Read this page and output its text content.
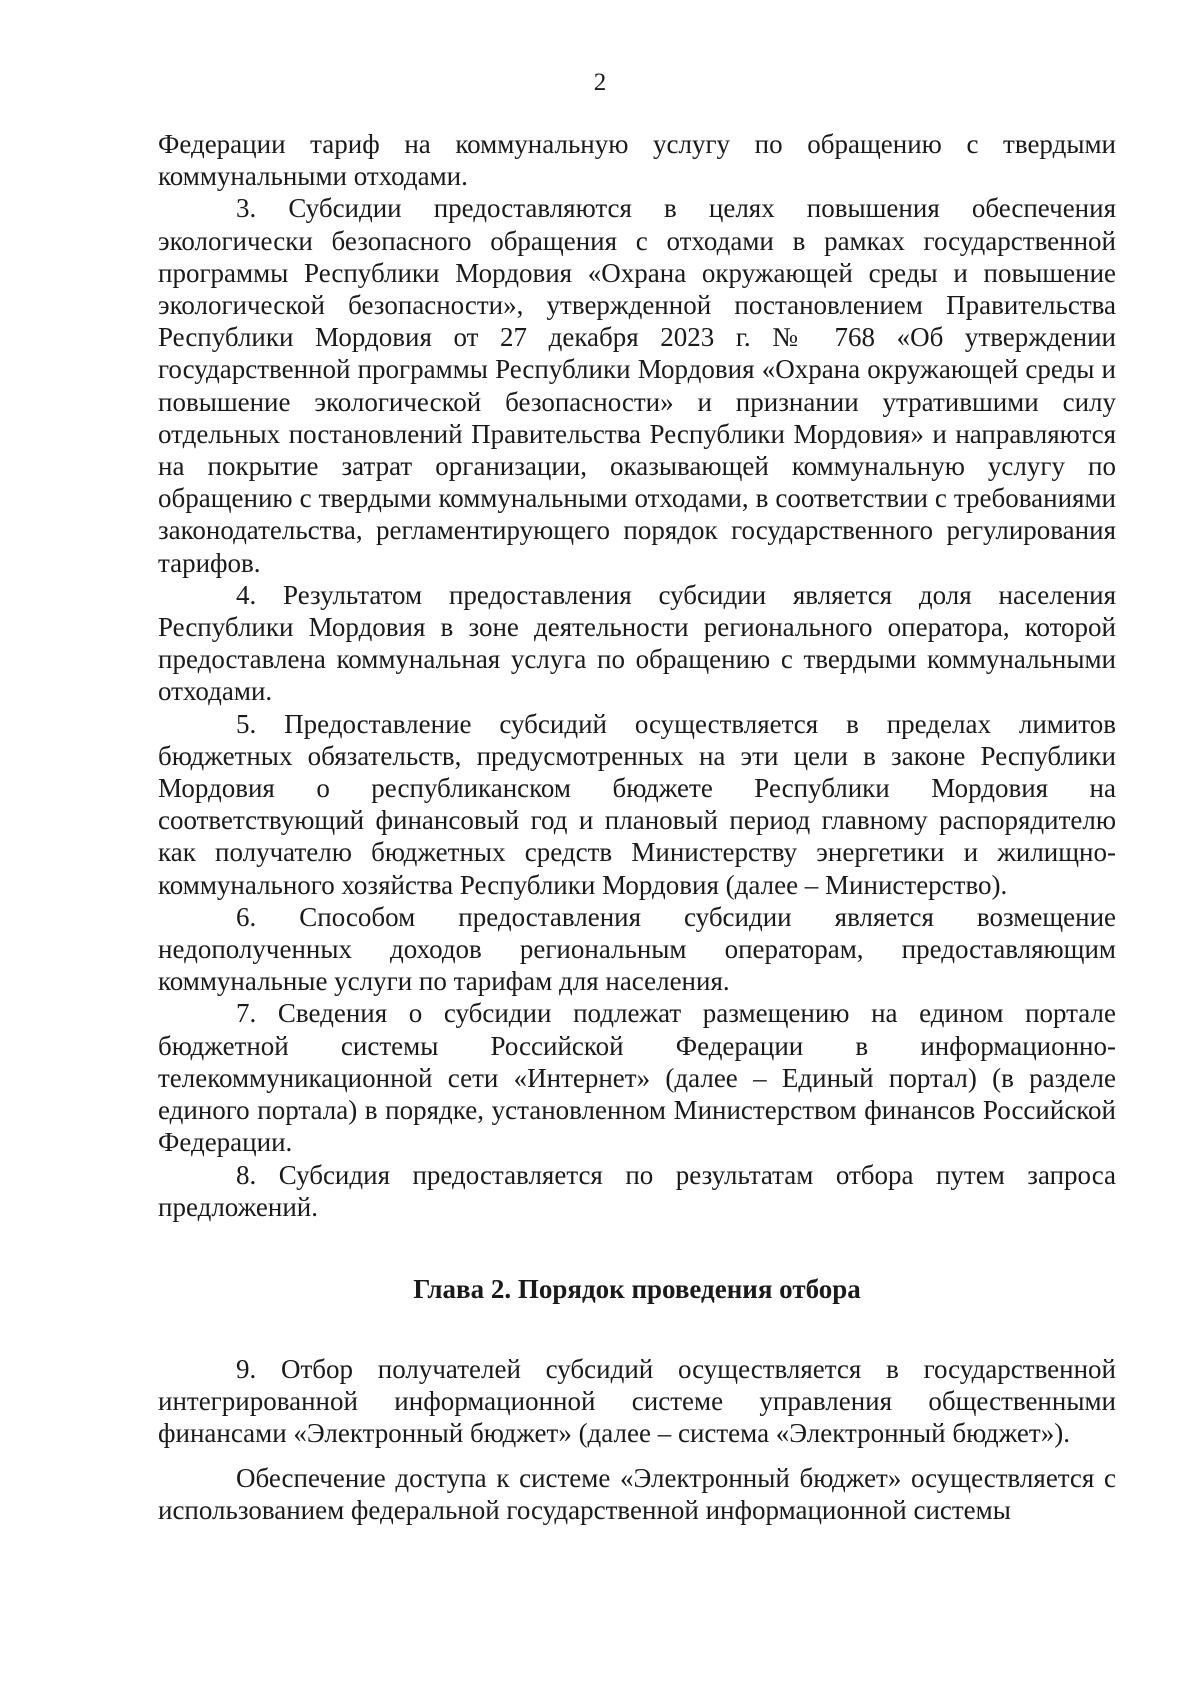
2

Федерации тариф на коммунальную услугу по обращению с твердыми коммунальными отходами.

3. Субсидии предоставляются в целях повышения обеспечения экологически безопасного обращения с отходами в рамках государственной программы Республики Мордовия «Охрана окружающей среды и повышение экологической безопасности», утвержденной постановлением Правительства Республики Мордовия от 27 декабря 2023 г. № 768 «Об утверждении государственной программы Республики Мордовия «Охрана окружающей среды и повышение экологической безопасности» и признании утратившими силу отдельных постановлений Правительства Республики Мордовия» и направляются на покрытие затрат организации, оказывающей коммунальную услугу по обращению с твердыми коммунальными отходами, в соответствии с требованиями законодательства, регламентирующего порядок государственного регулирования тарифов.

4. Результатом предоставления субсидии является доля населения Республики Мордовия в зоне деятельности регионального оператора, которой предоставлена коммунальная услуга по обращению с твердыми коммунальными отходами.

5. Предоставление субсидий осуществляется в пределах лимитов бюджетных обязательств, предусмотренных на эти цели в законе Республики Мордовия о республиканском бюджете Республики Мордовия на соответствующий финансовый год и плановый период главному распорядителю как получателю бюджетных средств Министерству энергетики и жилищно-коммунального хозяйства Республики Мордовия (далее – Министерство).

6. Способом предоставления субсидии является возмещение недополученных доходов региональным операторам, предоставляющим коммунальные услуги по тарифам для населения.

7. Сведения о субсидии подлежат размещению на едином портале бюджетной системы Российской Федерации в информационно-телекоммуникационной сети «Интернет» (далее – Единый портал) (в разделе единого портала) в порядке, установленном Министерством финансов Российской Федерации.

8. Субсидия предоставляется по результатам отбора путем запроса предложений.

Глава 2. Порядок проведения отбора

9. Отбор получателей субсидий осуществляется в государственной интегрированной информационной системе управления общественными финансами «Электронный бюджет» (далее – система «Электронный бюджет»).

Обеспечение доступа к системе «Электронный бюджет» осуществляется с использованием федеральной государственной информационной системы
